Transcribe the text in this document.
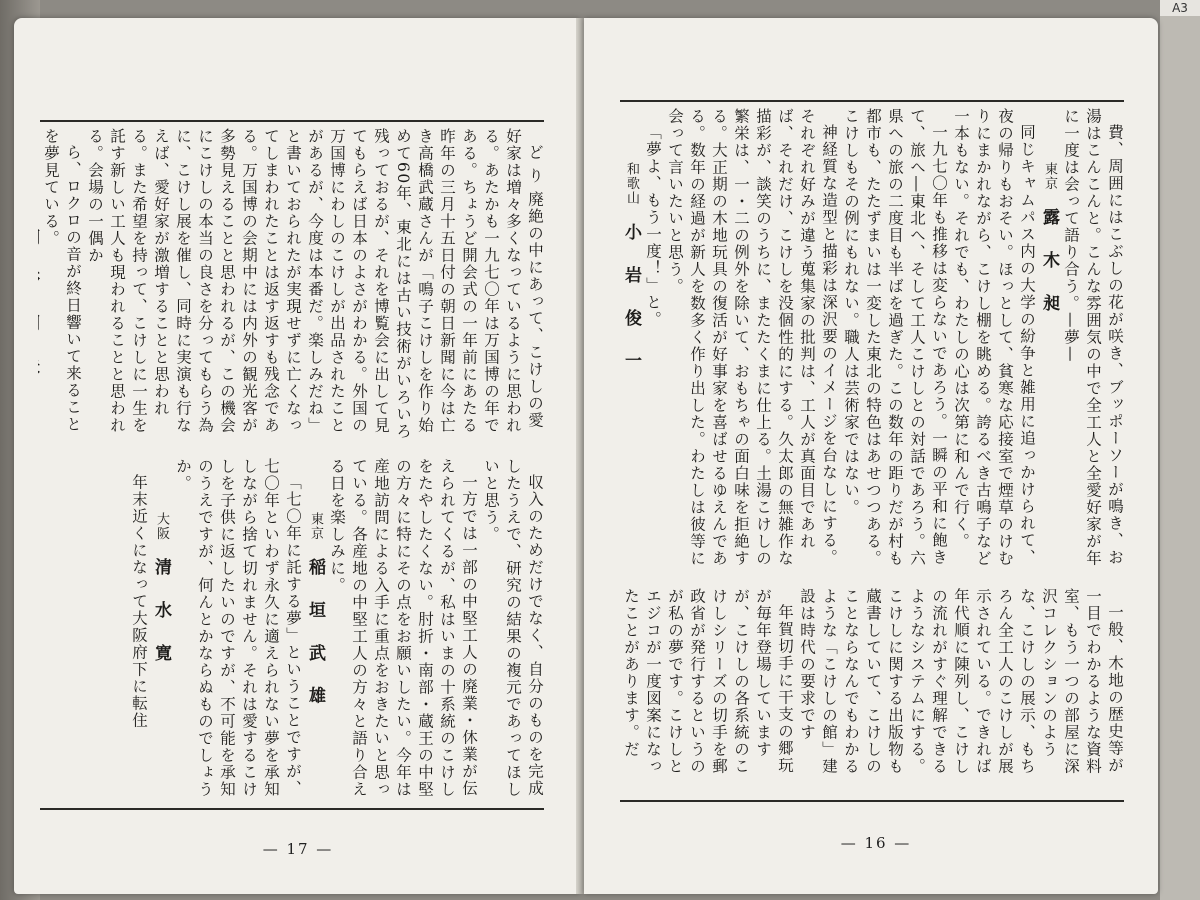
A3

ど り 廃絶の中にあって、こけしの愛好家は増々多くなっているように思われる。あたかも一九七〇年は万国博の年である。ちょうど開会式の一年前にあたる昨年の三月十五日付の朝日新聞に今は亡き高橋武蔵さんが「鳴子こけしを作り始めて60年、東北には古い技術がいろいろ残っておるが、それを博覧会に出して見てもらえば日本のよさがわかる。外国の万国博にわしのこけしが出品されたことがあるが、今度は本番だ。楽しみだね」と書いておられたが実現せずに亡くなってしまわれたことは返す返すも残念である。万国博の会期中には内外の観光客が多勢見えることと思われるが、この機会にこけしの本当の良さを分ってもらう為に、こけし展を催し、同時に実演も行なえば、愛好家が激増することと思われる。また希望を持って、こけしに一生を託す新しい工人も現われることと思われる。会場の一偶か

ら、ロクロの音が終日響いて来ることを夢見ている。

収入のためだけでなく、自分のものを完成したうえで、研究の結果の複元であってほしいと思う。

一方では一部の中堅工人の廃業・休業が伝えられてくるが、私はいまの十系統のこけしをたやしたくない。肘折・南部・蔵王の中堅の方々に特にその点をお願いしたい。今年は産地訪問による入手に重点をおきたいと思っている。各産地の中堅工人の方々と語り合える日を楽しみに。

東京稲 垣 武 雄

「七〇年に託する夢」ということですが、七〇年といわず永久に適えられない夢を承知しながら捨て切れません。それは愛するこけしを子供に返したいのですが、不可能を承知のうえですが、何んとかならぬものでしょうか。

大阪清 水 寛

年末近くになって大阪府下に転住

— 17 —

費、周囲にはこぶしの花が咲き、ブッポーソーが鳴き、お湯はこんこんと。こんな雰囲気の中で全工人と全愛好家が年に一度は会って語り合う。—夢—

東京露 木 昶

同じキャムパス内の大学の紛争と雑用に追っかけられて、夜の帰りもおそい。ほっとして、貧寒な応接室で煙草のけむりにまかれながら、こけし棚を眺める。誇るべき古鳴子など一本もない。それでも、わたしの心は次第に和んで行く。

一九七〇年も推移は変らないであろう。一瞬の平和に飽きて、旅へ―東北へ、そして工人こけしとの対話であろう。六県への旅の二度目も半ばを過ぎた。この数年の距りだが村も都市も、たたずまいは一変した東北の特色はあせつつある。こけしもその例にもれない。職人は芸術家ではない。

神経質な造型と描彩は深沢要のイメージを台なしにする。それぞれ好みが違う蒐集家の批判は、工人が真面目であれば、それだけ、こけしを没個性的にする。久太郎の無雑作な描彩が、談笑のうちに、またたくまに仕上る。土湯こけしの繁栄は、一・二の例外を除いて、おもちゃの面白味を拒絶する。大正期の木地玩具の復活が好事家を喜ばせるゆえんである。数年の経過が新人を数多く作り出した。わたしは彼等に会って言いたいと思う。

「夢よ、もう一度！」と。

和歌山小 岩 俊 一

一般、木地の歴史等が一目でわかるような資料室、もう一つの部屋に深沢コレクションのような、こけしの展示、もちろん全工人のこけしが展示されている。できれば年代順に陳列し、こけしの流れがすぐ理解できるようなシステムにする。こけしに関する出版物も蔵書していて、こけしのことならなんでもわかるような「こけしの館」建設は時代の要求です

年賀切手に干支の郷玩が毎年登場していますが、こけしの各系統のこけしシリーズの切手を郵政省が発行するというのが私の夢です。こけしとエジコが一度図案になったことがあります。だ

— 16 —
